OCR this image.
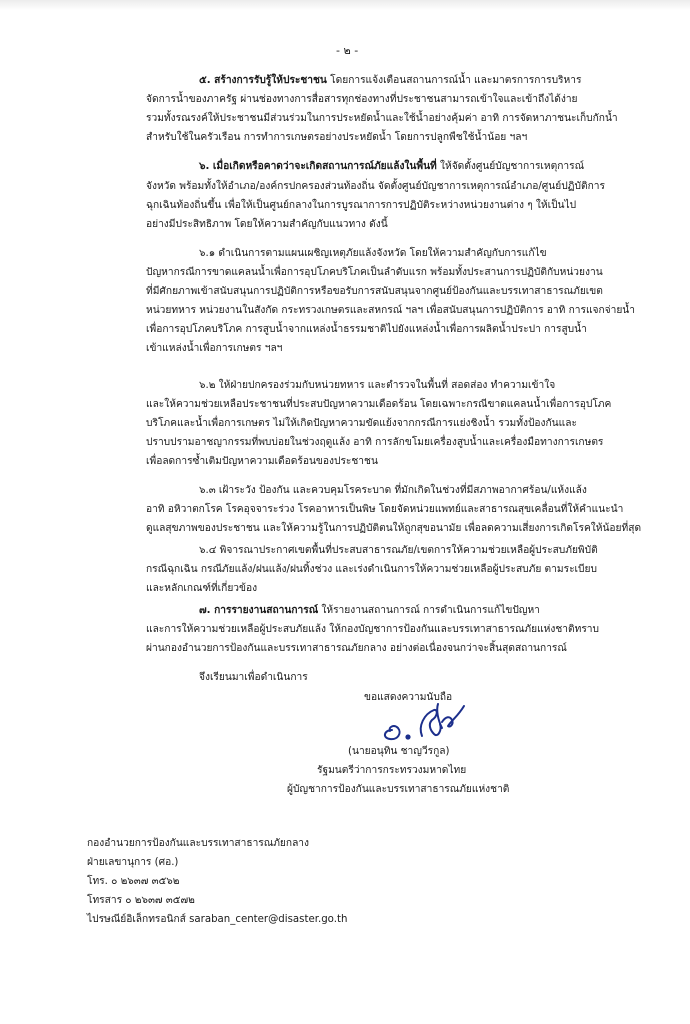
- ๒ -
๕. สร้างการรับรู้ให้ประชาชน โดยการแจ้งเตือนสถานการณ์น้ำ และมาตรการการบริหาร
จัดการน้ำของภาครัฐ ผ่านช่องทางการสื่อสารทุกช่องทางที่ประชาชนสามารถเข้าใจและเข้าถึงได้ง่าย
รวมทั้งรณรงค์ให้ประชาชนมีส่วนร่วมในการประหยัดน้ำและใช้น้ำอย่างคุ้มค่า อาทิ การจัดหาภาชนะเก็บกักน้ำ
สำหรับใช้ในครัวเรือน การทำการเกษตรอย่างประหยัดน้ำ โดยการปลูกพืชใช้น้ำน้อย ฯลฯ
๖. เมื่อเกิดหรือคาดว่าจะเกิดสถานการณ์ภัยแล้งในพื้นที่ ให้จัดตั้งศูนย์บัญชาการเหตุการณ์
จังหวัด พร้อมทั้งให้อำเภอ/องค์กรปกครองส่วนท้องถิ่น จัดตั้งศูนย์บัญชาการเหตุการณ์อำเภอ/ศูนย์ปฏิบัติการ
ฉุกเฉินท้องถิ่นขึ้น เพื่อให้เป็นศูนย์กลางในการบูรณาการการปฏิบัติระหว่างหน่วยงานต่าง ๆ ให้เป็นไป
อย่างมีประสิทธิภาพ โดยให้ความสำคัญกับแนวทาง ดังนี้
๖.๑ ดำเนินการตามแผนเผชิญเหตุภัยแล้งจังหวัด โดยให้ความสำคัญกับการแก้ไข
ปัญหากรณีการขาดแคลนน้ำเพื่อการอุปโภคบริโภคเป็นลำดับแรก พร้อมทั้งประสานการปฏิบัติกับหน่วยงาน
ที่มีศักยภาพเข้าสนับสนุนการปฏิบัติการหรือขอรับการสนับสนุนจากศูนย์ป้องกันและบรรเทาสาธารณภัยเขต
หน่วยทหาร หน่วยงานในสังกัด กระทรวงเกษตรและสหกรณ์ ฯลฯ เพื่อสนับสนุนการปฏิบัติการ อาทิ การแจกจ่ายน้ำ
เพื่อการอุปโภคบริโภค การสูบน้ำจากแหล่งน้ำธรรมชาติไปยังแหล่งน้ำเพื่อการผลิตน้ำประปา การสูบน้ำ
เข้าแหล่งน้ำเพื่อการเกษตร ฯลฯ
๖.๒ ให้ฝ่ายปกครองร่วมกับหน่วยทหาร และตำรวจในพื้นที่ สอดส่อง ทำความเข้าใจ
และให้ความช่วยเหลือประชาชนที่ประสบปัญหาความเดือดร้อน โดยเฉพาะกรณีขาดแคลนน้ำเพื่อการอุปโภค
บริโภคและน้ำเพื่อการเกษตร ไม่ให้เกิดปัญหาความขัดแย้งจากกรณีการแย่งชิงน้ำ รวมทั้งป้องกันและ
ปราบปรามอาชญากรรมที่พบบ่อยในช่วงฤดูแล้ง อาทิ การลักขโมยเครื่องสูบน้ำและเครื่องมือทางการเกษตร
เพื่อลดการซ้ำเติมปัญหาความเดือดร้อนของประชาชน
๖.๓ เฝ้าระวัง ป้องกัน และควบคุมโรคระบาด ที่มักเกิดในช่วงที่มีสภาพอากาศร้อน/แห้งแล้ง
อาทิ อหิวาตกโรค โรคอุจจาระร่วง โรคอาหารเป็นพิษ โดยจัดหน่วยแพทย์และสาธารณสุขเคลื่อนที่ให้คำแนะนำ
ดูแลสุขภาพของประชาชน และให้ความรู้ในการปฏิบัติตนให้ถูกสุขอนามัย เพื่อลดความเสี่ยงการเกิดโรคให้น้อยที่สุด
๖.๔ พิจารณาประกาศเขตพื้นที่ประสบสาธารณภัย/เขตการให้ความช่วยเหลือผู้ประสบภัยพิบัติ
กรณีฉุกเฉิน กรณีภัยแล้ง/ฝนแล้ง/ฝนทิ้งช่วง และเร่งดำเนินการให้ความช่วยเหลือผู้ประสบภัย ตามระเบียบ
และหลักเกณฑ์ที่เกี่ยวข้อง
๗. การรายงานสถานการณ์ ให้รายงานสถานการณ์ การดำเนินการแก้ไขปัญหา
และการให้ความช่วยเหลือผู้ประสบภัยแล้ง ให้กองบัญชาการป้องกันและบรรเทาสาธารณภัยแห่งชาติทราบ
ผ่านกองอำนวยการป้องกันและบรรเทาสาธารณภัยกลาง อย่างต่อเนื่องจนกว่าจะสิ้นสุดสถานการณ์
จึงเรียนมาเพื่อดำเนินการ
ขอแสดงความนับถือ
(นายอนุทิน ชาญวีรกูล)
รัฐมนตรีว่าการกระทรวงมหาดไทย
ผู้บัญชาการป้องกันและบรรเทาสาธารณภัยแห่งชาติ
กองอำนวยการป้องกันและบรรเทาสาธารณภัยกลาง
ฝ่ายเลขานุการ (ศอ.)
โทร. ๐ ๒๖๓๗ ๓๕๖๒
โทรสาร ๐ ๒๖๓๗ ๓๕๗๒
ไปรษณีย์อิเล็กทรอนิกส์ saraban_center@disaster.go.th
